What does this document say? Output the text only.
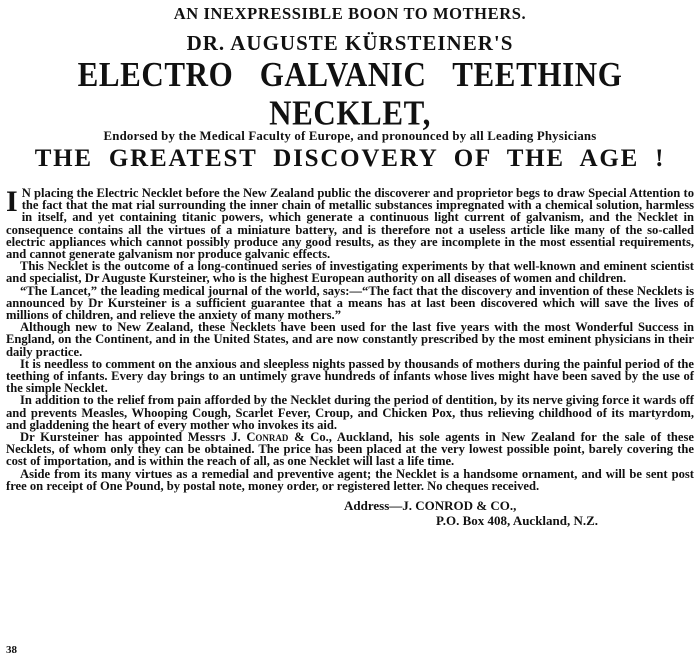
AN INEXPRESSIBLE BOON TO MOTHERS.
DR. AUGUSTE KÜRSTEINER'S
ELECTRO GALVANIC TEETHING NECKLET,
Endorsed by the Medical Faculty of Europe, and pronounced by all Leading Physicians
THE GREATEST DISCOVERY OF THE AGE !

I N placing the Electric Necklet before the New Zealand public the discoverer and proprietor begs to draw Special Attention to the fact that the mat rial surrounding the inner chain of metallic substances impregnated with a chemical solution, harmless in itself, and yet containing titanic powers, which generate a continuous light current of galvanism, and the Necklet in consequence contains all the virtues of a miniature battery, and is therefore not a useless article like many of the so-called electric appliances which cannot possibly produce any good results, as they are incomplete in the most essential requirements, and cannot generate galvanism nor produce galvanic effects.

This Necklet is the outcome of a long-continued series of investigating experiments by that well-known and eminent scientist and specialist, Dr Auguste Kursteiner, who is the highest European authority on all diseases of women and children.

“The Lancet,” the leading medical journal of the world, says:—“The fact that the discovery and invention of these Necklets is announced by Dr Kursteiner is a sufficient guarantee that a means has at last been discovered which will save the lives of millions of children, and relieve the anxiety of many mothers.”

Although new to New Zealand, these Necklets have been used for the last five years with the most Wonderful Success in England, on the Continent, and in the United States, and are now constantly prescribed by the most eminent physicians in their daily practice.

It is needless to comment on the anxious and sleepless nights passed by thousands of mothers during the painful period of the teething of infants. Every day brings to an untimely grave hundreds of infants whose lives might have been saved by the use of the simple Necklet.

In addition to the relief from pain afforded by the Necklet during the period of dentition, by its nerve giving force it wards off and prevents Measles, Whooping Cough, Scarlet Fever, Croup, and Chicken Pox, thus relieving childhood of its martyrdom, and gladdening the heart of every mother who invokes its aid.

Dr Kursteiner has appointed Messrs J. Conrad & Co., Auckland, his sole agents in New Zealand for the sale of these Necklets, of whom only they can be obtained. The price has been placed at the very lowest possible point, barely covering the cost of importation, and is within the reach of all, as one Necklet will last a life time.

Aside from its many virtues as a remedial and preventive agent; the Necklet is a handsome ornament, and will be sent post free on receipt of One Pound, by postal note, money order, or registered letter. No cheques received.

Address—J. CONROD & CO.,
P.O. Box 408, Auckland, N.Z.
38
